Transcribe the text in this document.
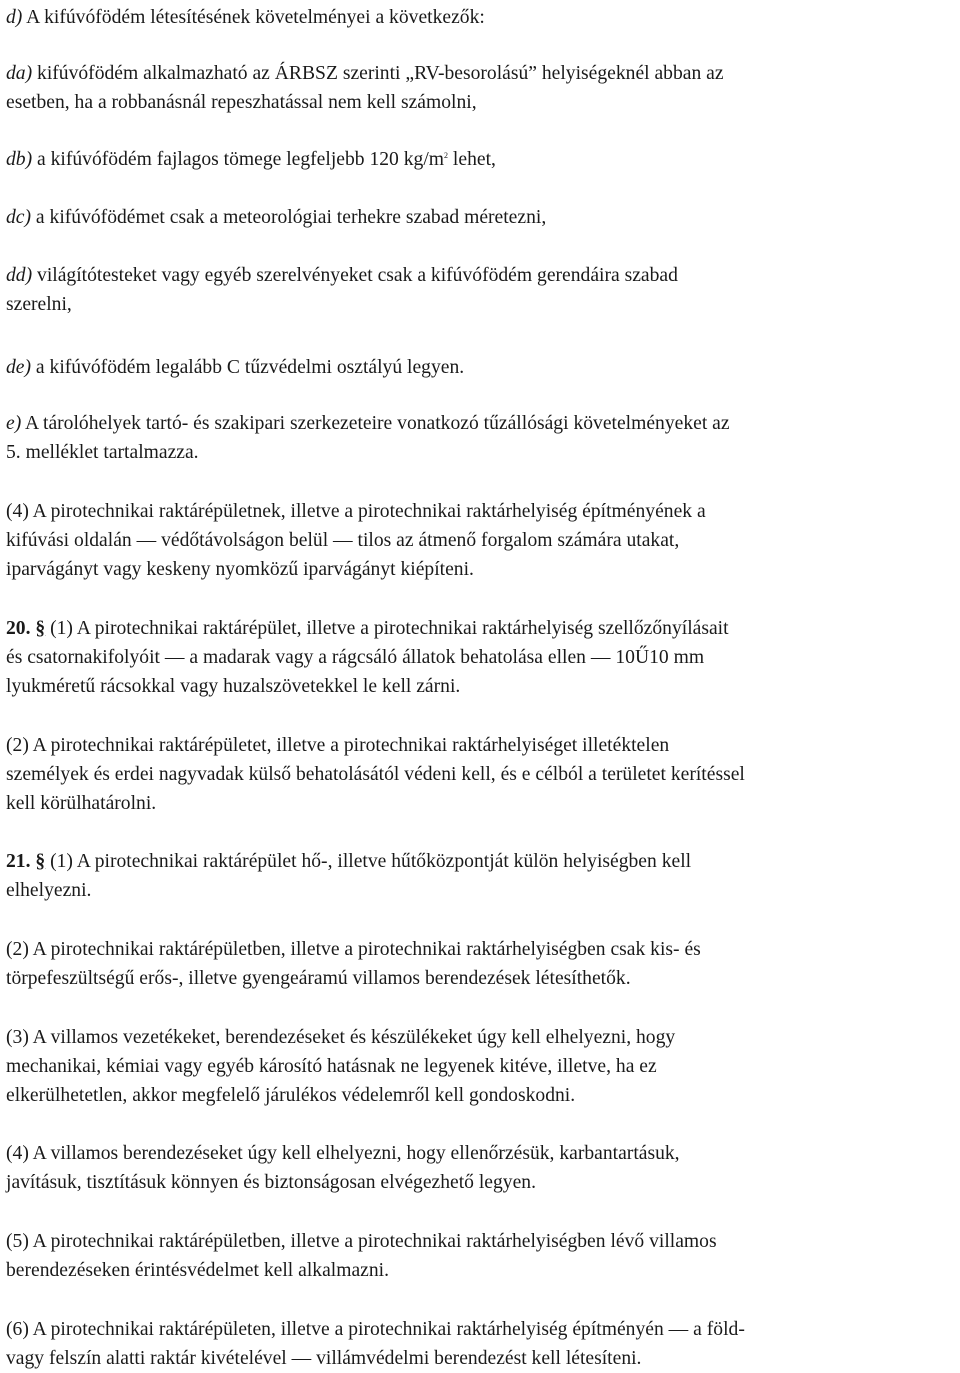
d) A kifúvófödém létesítésének követelményei a következők:

da) kifúvófödém alkalmazható az ÁRBSZ szerinti „RV-besorolású” helyiségeknél abban az
esetben, ha a robbanásnál repeszhatással nem kell számolni,

db) a kifúvófödém fajlagos tömege legfeljebb 120 $kg/m^2$ lehet,

dc) a kifúvófödémet csak a meteorológiai terhekre szabad méretezni,

dd) világítótesteket vagy egyéb szerelvényeket csak a kifúvófödém gerendáira szabad
szerelni,

de) a kifúvófödém legalább C tűzvédelmi osztályú legyen.

e) A tárolóhelyek tartó- és szakipari szerkezeteire vonatkozó tűzállósági követelményeket az
5. melléklet tartalmazza.

(4) A pirotechnikai raktárépületnek, illetve a pirotechnikai raktárhelyiség építményének a
kifúvási oldalán — védőtávolságon belül — tilos az átmenő forgalom számára utakat,
iparvágányt vagy keskeny nyomközű iparvágányt kiépíteni.

20. § (1) A pirotechnikai raktárépület, illetve a pirotechnikai raktárhelyiség szellőzőnyílásait
és csatornakifolyóit — a madarak vagy a rágcsáló állatok behatolása ellen — 10Ű10 mm
lyukméretű rácsokkal vagy huzalszövetekkel le kell zárni.

(2) A pirotechnikai raktárépületet, illetve a pirotechnikai raktárhelyiséget illetéktelen
személyek és erdei nagyvadak külső behatolásától védeni kell, és e célból a területet kerítéssel
kell körülhatárolni.

21. § (1) A pirotechnikai raktárépület hő-, illetve hűtőközpontját külön helyiségben kell
elhelyezni.

(2) A pirotechnikai raktárépületben, illetve a pirotechnikai raktárhelyiségben csak kis- és
törpefeszültségű erős-, illetve gyengeáramú villamos berendezések létesíthetők.

(3) A villamos vezetékeket, berendezéseket és készülékeket úgy kell elhelyezni, hogy
mechanikai, kémiai vagy egyéb károsító hatásnak ne legyenek kitéve, illetve, ha ez
elkerülhetetlen, akkor megfelelő járulékos védelemről kell gondoskodni.

(4) A villamos berendezéseket úgy kell elhelyezni, hogy ellenőrzésük, karbantartásuk,
javításuk, tisztításuk könnyen és biztonságosan elvégezhető legyen.

(5) A pirotechnikai raktárépületben, illetve a pirotechnikai raktárhelyiségben lévő villamos
berendezéseken érintésvédelmet kell alkalmazni.

(6) A pirotechnikai raktárépületen, illetve a pirotechnikai raktárhelyiség építményén — a föld-
vagy felszín alatti raktár kivételével — villámvédelmi berendezést kell létesíteni.
